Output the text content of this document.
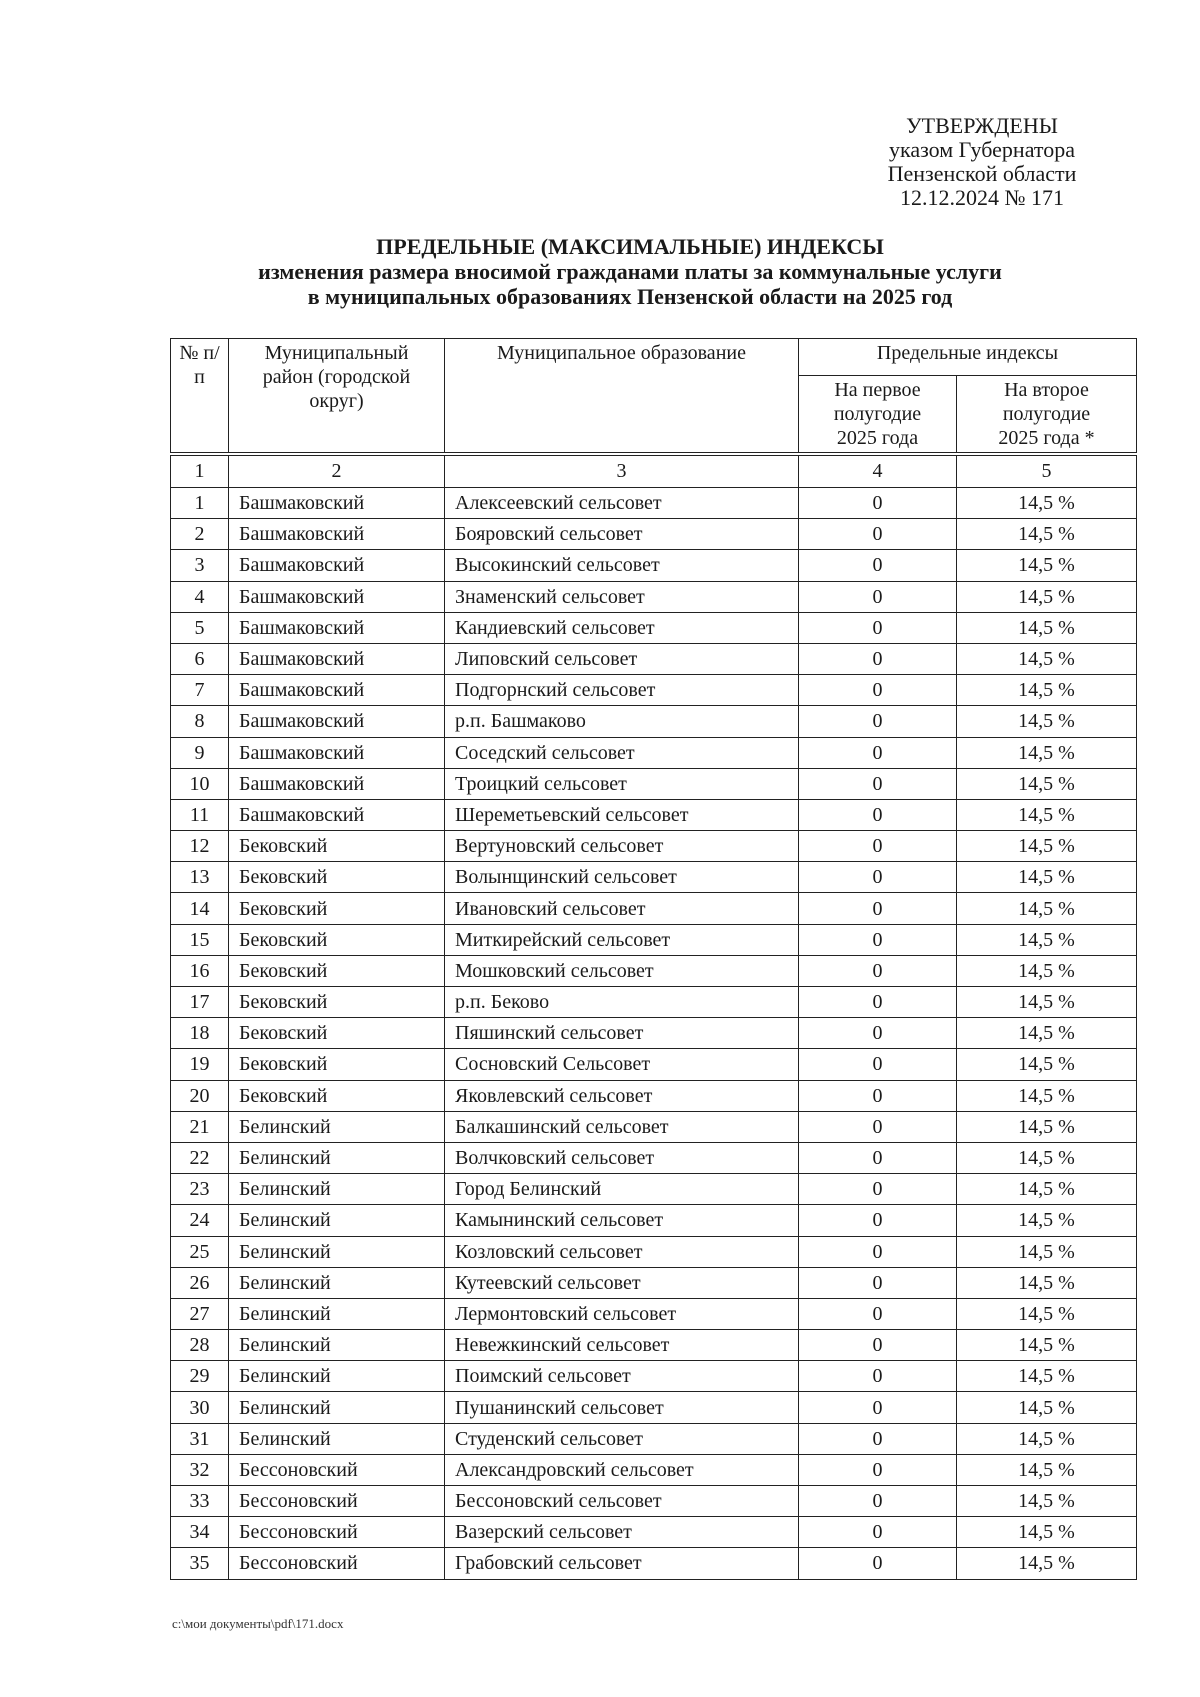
УТВЕРЖДЕНЫ
указом Губернатора
Пензенской области
12.12.2024 № 171
ПРЕДЕЛЬНЫЕ (МАКСИМАЛЬНЫЕ) ИНДЕКСЫ
изменения размера вносимой гражданами платы за коммунальные услуги
в муниципальных образованиях Пензенской области на 2025 год
№ п/п	Муниципальный район (городской округ)	Муниципальное образование	Предельные индексы	

			На первое полугодие 2025 года	На второе полугодие 2025 года *

1	2	3	4	5
1	Башмаковский	Алексеевский сельсовет	0	14,5 %
2	Башмаковский	Бояровский сельсовет	0	14,5 %
3	Башмаковский	Высокинский сельсовет	0	14,5 %
4	Башмаковский	Знаменский сельсовет	0	14,5 %
5	Башмаковский	Кандиевский сельсовет	0	14,5 %
6	Башмаковский	Липовский сельсовет	0	14,5 %
7	Башмаковский	Подгорнский сельсовет	0	14,5 %
8	Башмаковский	р.п. Башмаково	0	14,5 %
9	Башмаковский	Соседский сельсовет	0	14,5 %
10	Башмаковский	Троицкий сельсовет	0	14,5 %
11	Башмаковский	Шереметьевский сельсовет	0	14,5 %
12	Бековский	Вертуновский сельсовет	0	14,5 %
13	Бековский	Волынщинский сельсовет	0	14,5 %
14	Бековский	Ивановский сельсовет	0	14,5 %
15	Бековский	Миткирейский сельсовет	0	14,5 %
16	Бековский	Мошковский сельсовет	0	14,5 %
17	Бековский	р.п. Беково	0	14,5 %
18	Бековский	Пяшинский сельсовет	0	14,5 %
19	Бековский	Сосновский Сельсовет	0	14,5 %
20	Бековский	Яковлевский сельсовет	0	14,5 %
21	Белинский	Балкашинский сельсовет	0	14,5 %
22	Белинский	Волчковский сельсовет	0	14,5 %
23	Белинский	Город Белинский	0	14,5 %
24	Белинский	Камынинский сельсовет	0	14,5 %
25	Белинский	Козловский сельсовет	0	14,5 %
26	Белинский	Кутеевский сельсовет	0	14,5 %
27	Белинский	Лермонтовский сельсовет	0	14,5 %
28	Белинский	Невежкинский сельсовет	0	14,5 %
29	Белинский	Поимский сельсовет	0	14,5 %
30	Белинский	Пушанинский сельсовет	0	14,5 %
31	Белинский	Студенский сельсовет	0	14,5 %
32	Бессоновский	Александровский сельсовет	0	14,5 %
33	Бессоновский	Бессоновский сельсовет	0	14,5 %
34	Бессоновский	Вазерский сельсовет	0	14,5 %
35	Бессоновский	Грабовский сельсовет	0	14,5 %
c:\мои документы\pdf\171.docx
